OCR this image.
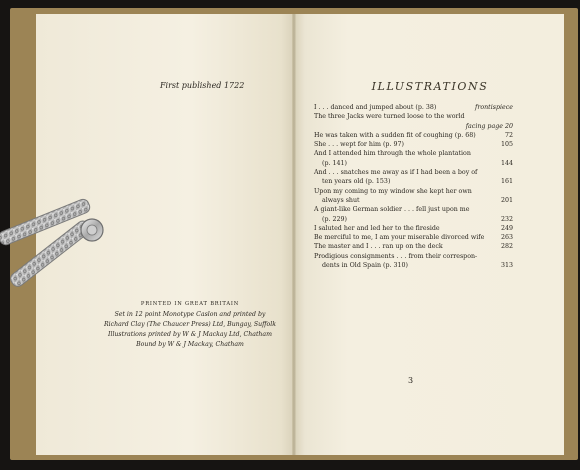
First published 1722
PRINTED IN GREAT BRITAIN
Set in 12 point Monotype Caslon and printed by
Richard Clay (The Chaucer Press) Ltd, Bungay, Suffolk
Illustrations printed by W & J Mackay Ltd, Chatham
Bound by W & J Mackay, Chatham
ILLUSTRATIONS
I . . . danced and jumped about (p. 38)	frontispiece
The three Jacks were turned loose to the world
facing page 20
He was taken with a sudden fit of coughing (p. 68)	72
She . . . wept for him (p. 97)	105
And I attended him through the whole plantation
(p. 141)	144
And . . . snatches me away as if I had been a boy of
ten years old (p. 153)	161
Upon my coming to my window she kept her own
always shut	201
A giant-like German soldier . . . fell just upon me
(p. 229)	232
I saluted her and led her to the fireside	249
Be merciful to me, I am your miserable divorced wife	263
The master and I . . . ran up on the deck	282
Prodigious consignments . . . from their correspon-
dents in Old Spain (p. 310)	313
3
